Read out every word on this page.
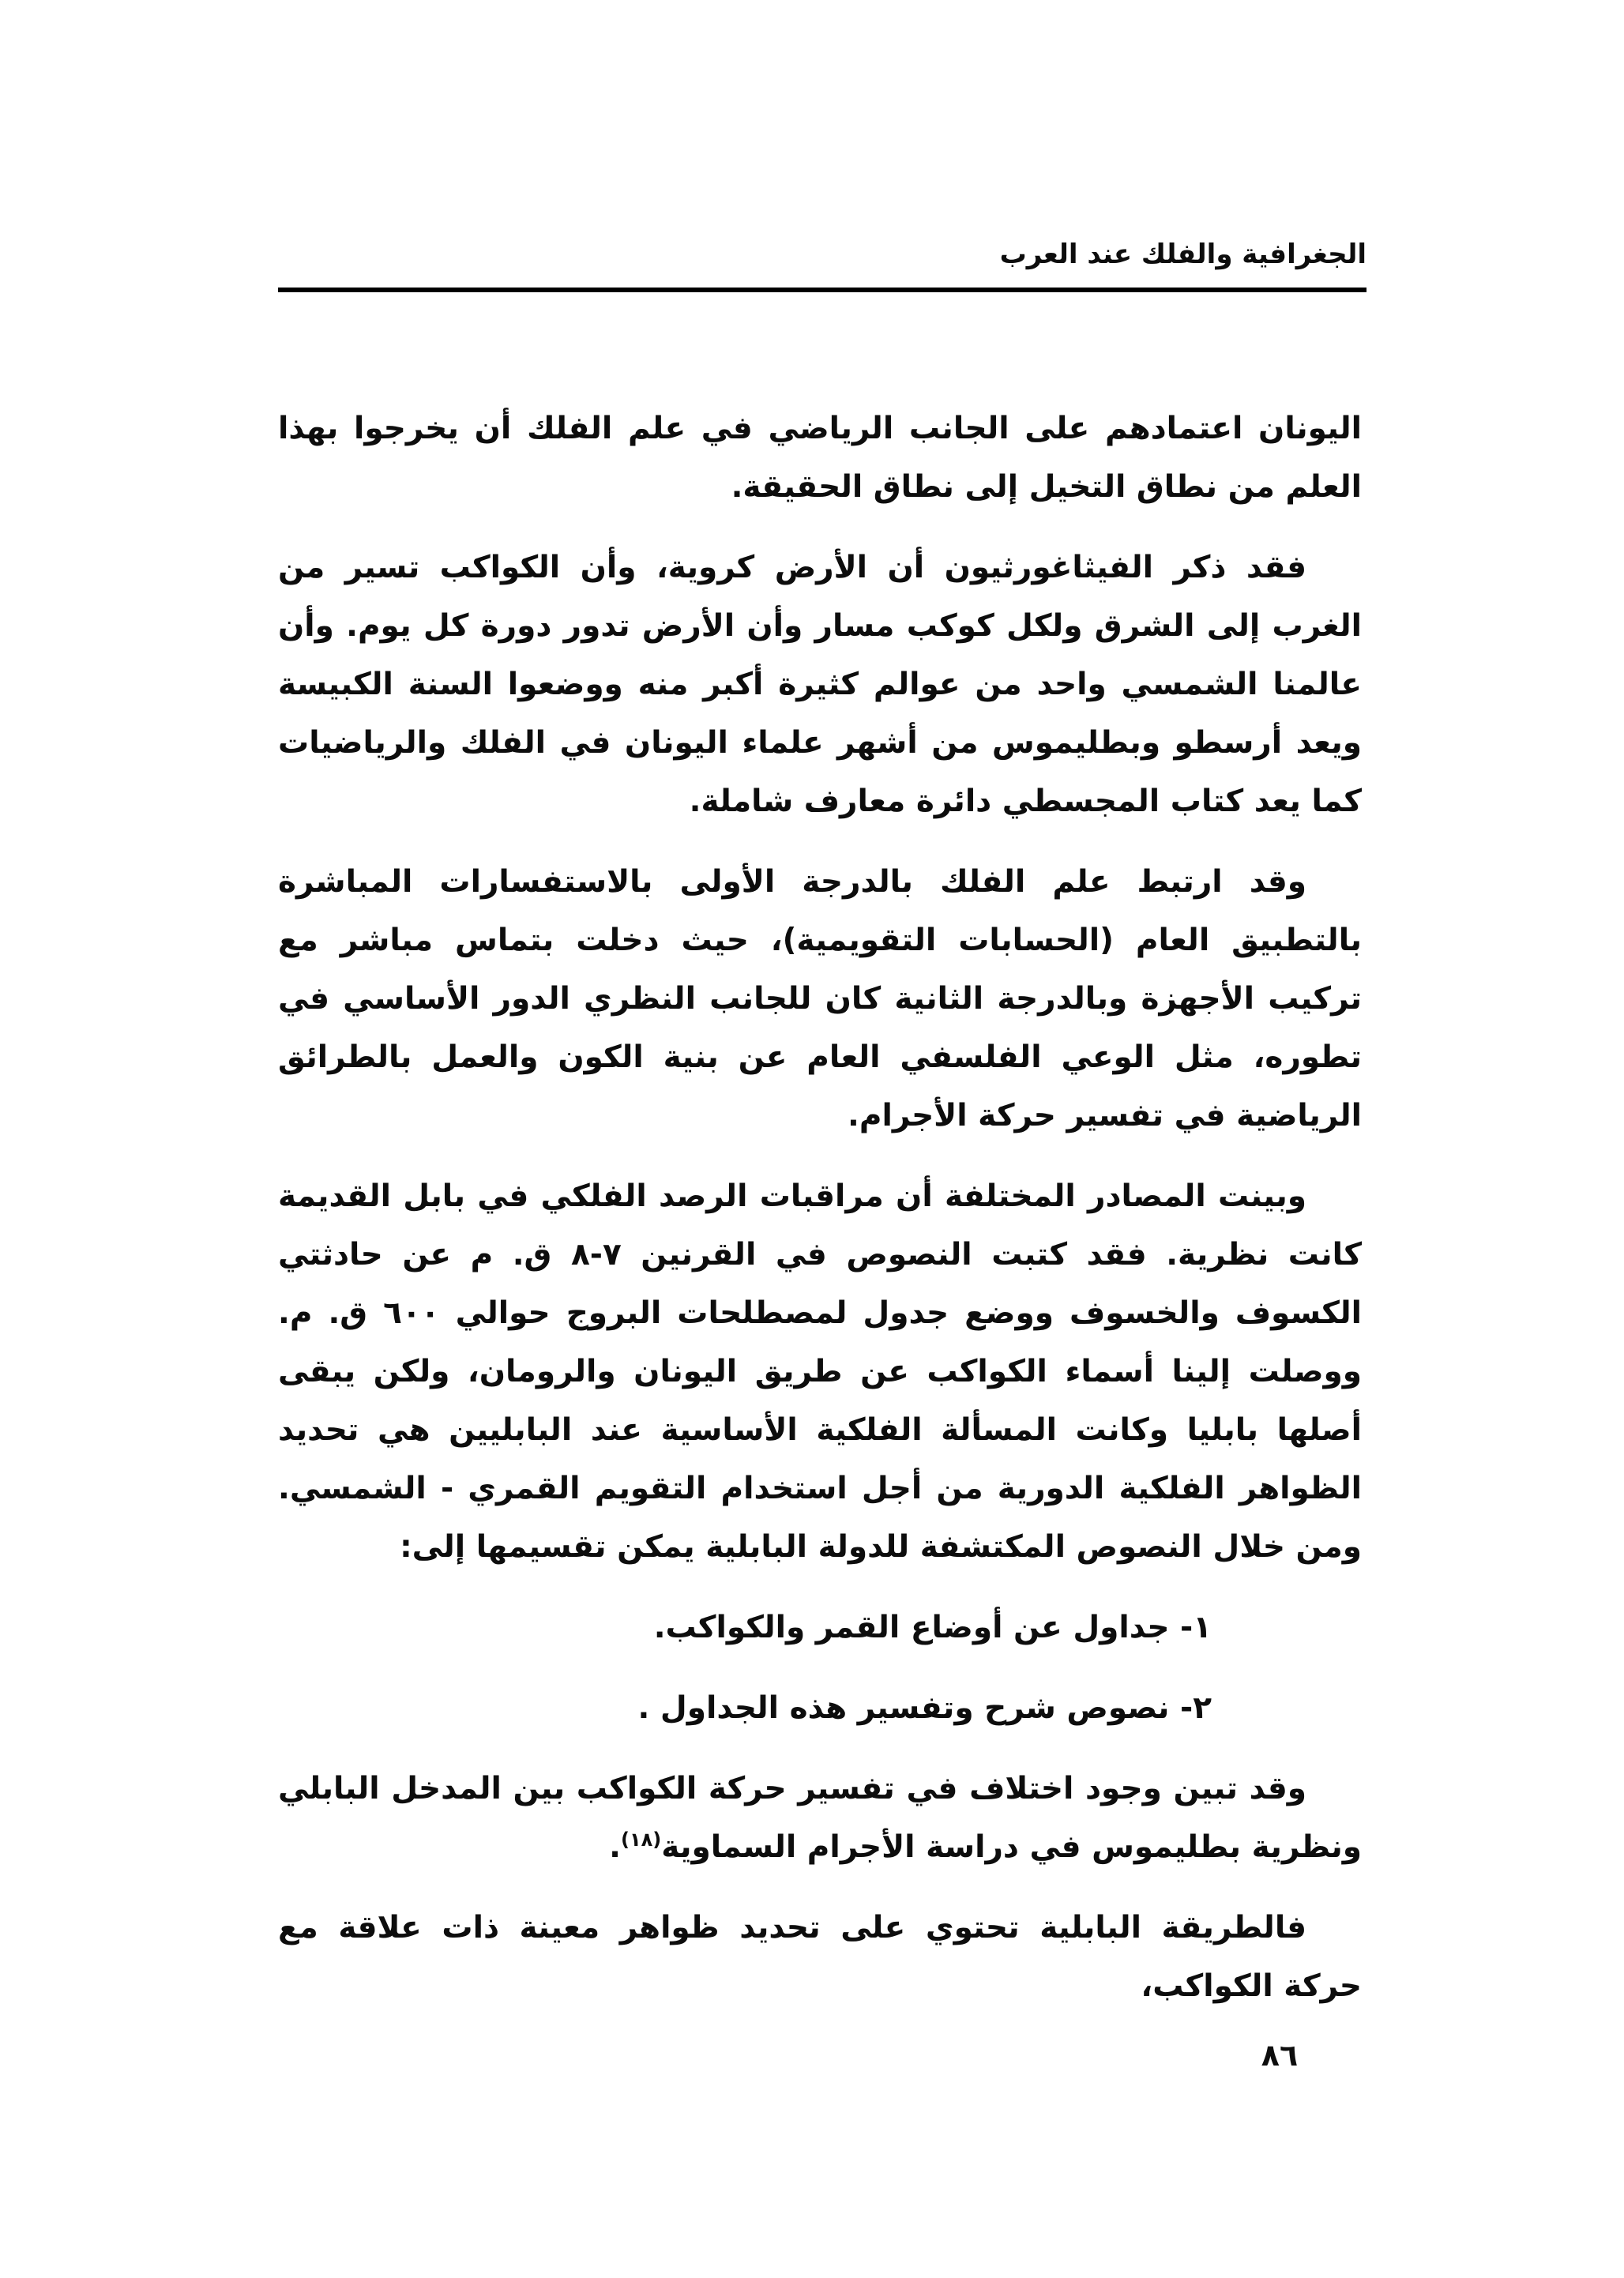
الجغرافية والفلك عند العرب

اليونان اعتمادهم على الجانب الرياضي في علم الفلك أن يخرجوا بهذا العلم من نطاق التخيل إلى نطاق الحقيقة.

فقد ذكر الفيثاغورثيون أن الأرض كروية، وأن الكواكب تسير من الغرب إلى الشرق ولكل كوكب مسار وأن الأرض تدور دورة كل يوم. وأن عالمنا الشمسي واحد من عوالم كثيرة أكبر منه ووضعوا السنة الكبيسة ويعد أرسطو وبطليموس من أشهر علماء اليونان في الفلك والرياضيات كما يعد كتاب المجسطي دائرة معارف شاملة.

وقد ارتبط علم الفلك بالدرجة الأولى بالاستفسارات المباشرة بالتطبيق العام (الحسابات التقويمية)، حيث دخلت بتماس مباشر مع تركيب الأجهزة وبالدرجة الثانية كان للجانب النظري الدور الأساسي في تطوره، مثل الوعي الفلسفي العام عن بنية الكون والعمل بالطرائق الرياضية في تفسير حركة الأجرام.

وبينت المصادر المختلفة أن مراقبات الرصد الفلكي في بابل القديمة كانت نظرية. فقد كتبت النصوص في القرنين ٧-٨ ق. م عن حادثتي الكسوف والخسوف ووضع جدول لمصطلحات البروج حوالي ٦٠٠ ق. م. ووصلت إلينا أسماء الكواكب عن طريق اليونان والرومان، ولكن يبقى أصلها بابليا وكانت المسألة الفلكية الأساسية عند البابليين هي تحديد الظواهر الفلكية الدورية من أجل استخدام التقويم القمري - الشمسي. ومن خلال النصوص المكتشفة للدولة البابلية يمكن تقسيمها إلى:

١- جداول عن أوضاع القمر والكواكب.

٢- نصوص شرح وتفسير هذه الجداول .

وقد تبين وجود اختلاف في تفسير حركة الكواكب بين المدخل البابلي ونظرية بطليموس في دراسة الأجرام السماوية$^{(١٨)}$.

فالطريقة البابلية تحتوي على تحديد ظواهر معينة ذات علاقة مع حركة الكواكب،

٨٦
